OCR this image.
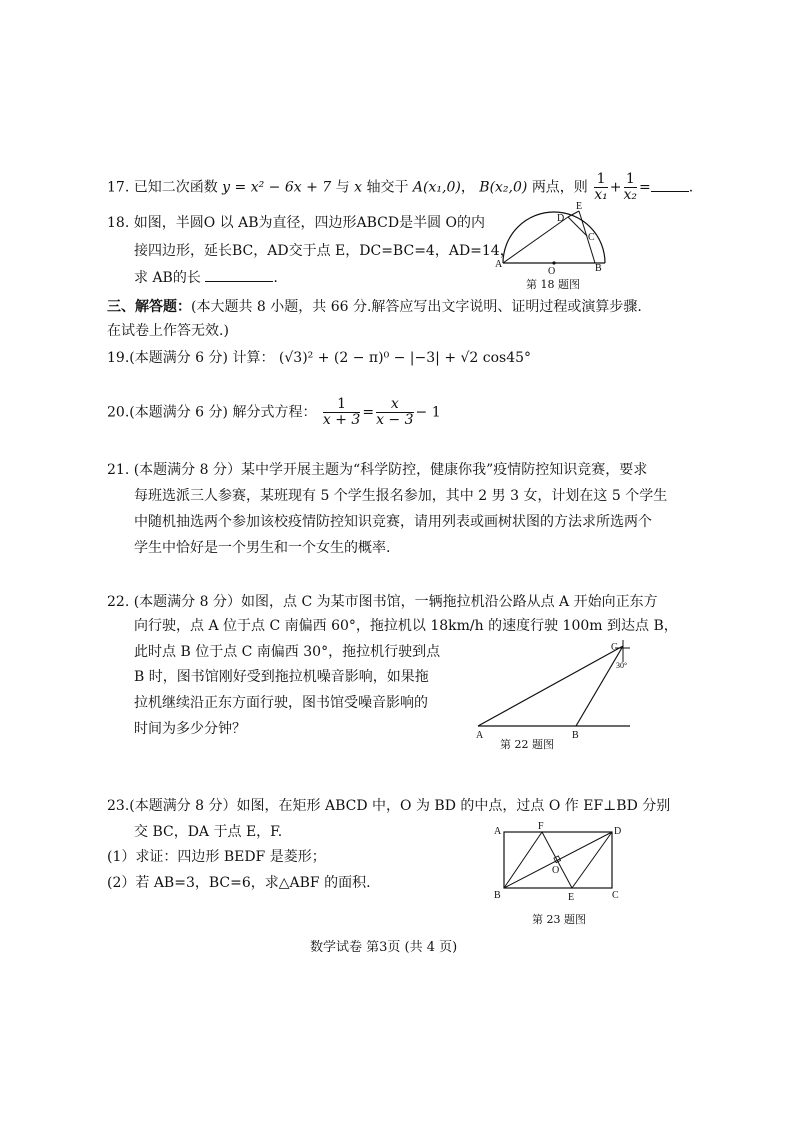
17. 已知二次函数 y = x² − 6x + 7 与 x 轴交于 A(x₁,0)， B(x₂,0) 两点，则 $\frac{1}{\text{x₁}} + \frac{1}{\text{x₂}}$ =	.
18. 如图，半圆O 以 AB为直径，四边形ABCD是半圆 O的内
接四边形，延长BC，AD交于点 E，DC=BC=4，AD=14，
求 AB的长	.
A	B
C
D
E
O
第 18 题图
三、解答题：(本大题共 8 小题，共 66 分.解答应写出文字说明、证明过程或演算步骤.
在试卷上作答无效.)
19.(本题满分 6 分) 计算： (√3)² + (2 − π)⁰ − |−3| + √2 cos45°
20.(本题满分 6 分) 解分式方程： $\frac{1}{x + 3} = \frac{x}{x - 3} - 1$
21. (本题满分 8 分）某中学开展主题为“科学防控，健康你我”疫情防控知识竞赛，要求
每班选派三人参赛，某班现有 5 个学生报名参加，其中 2 男 3 女，计划在这 5 个学生
中随机抽选两个参加该校疫情防控知识竞赛，请用列表或画树状图的方法求所选两个
学生中恰好是一个男生和一个女生的概率.
22. (本题满分 8 分）如图，点 C 为某市图书馆，一辆拖拉机沿公路从点 A 开始向正东方
向行驶，点 A 位于点 C 南偏西 60°，拖拉机以 18km/h 的速度行驶 100m 到达点 B，
此时点 B 位于点 C 南偏西 30°，拖拉机行驶到点
B 时，图书馆刚好受到拖拉机噪音影响，如果拖
拉机继续沿正东方面行驶，图书馆受噪音影响的
时间为多少分钟？
C
30°
A	B
第 22 题图
23.(本题满分 8 分）如图，在矩形 ABCD 中，O 为 BD 的中点，过点 O 作 EF⊥BD 分别
交 BC，DA 于点 E，F.
(1）求证：四边形 BEDF 是菱形；
(2）若 AB=3，BC=6，求△ABF 的面积.
A	F	D
B	E	C
O
第 23 题图
数学试卷 第3页 (共 4 页)
